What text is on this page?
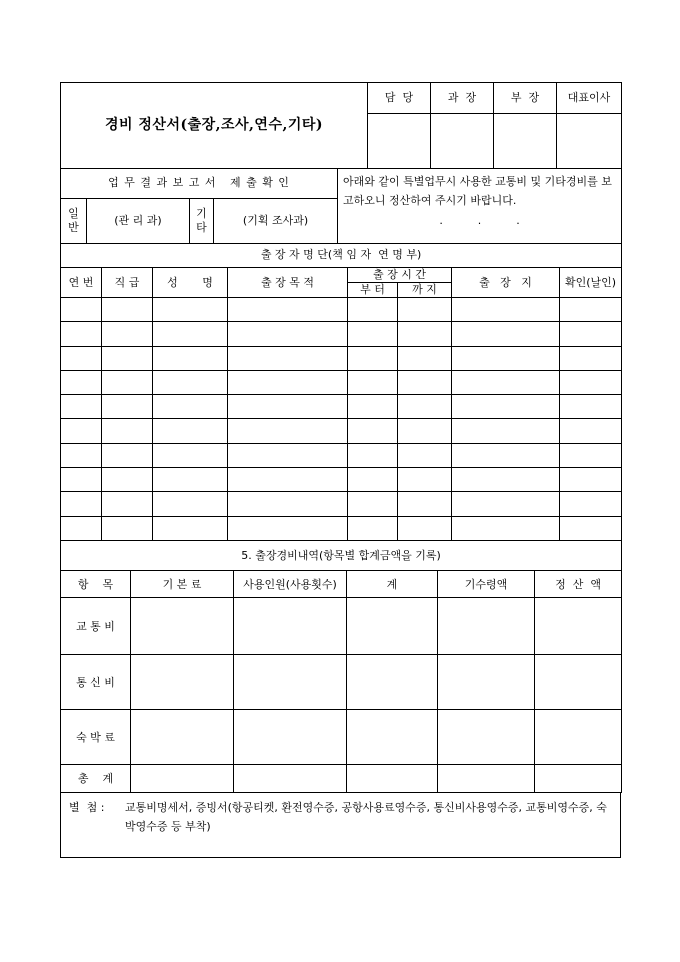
경비 정산서(출장,조사,연수,기타)	담  당	과  장	부  장	대표이사

업 무 결 과 보 고 서   제 출 확 인				아래와 같이 특별업무시 사용한 교통비 및 기타경비를 보고하오니 정산하여 주시기 바랍니다.
.          .          .

일반	(관 리 과)	기타	(기획 조사과)	
출 장 자 명 단(책 임 자  연 명 부)							
연 번	직 급	성       명	출 장 목 적	출 장 시 간		출   장   지	확인(날인)
				부 터	까 지		

5. 출장경비내역(항목별 합계금액을 기록)					
항    목	기 본 료	사용인원(사용횟수)	계	기수령액	정  산  액
교 통 비					
통 신 비					
숙 박 료					
총    계					
별  첨 :	교통비명세서, 증빙서(항공티켓, 환전영수증, 공항사용료영수증, 통신비사용영수증, 교통비영수증, 숙박영수증 등 부착)
